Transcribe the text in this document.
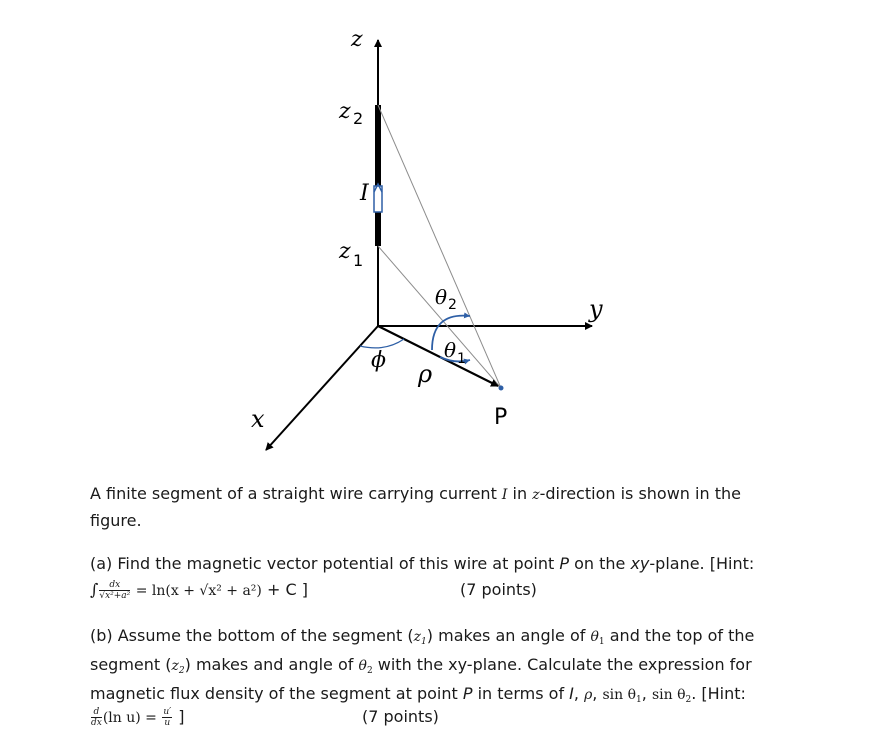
z
y
x
z 2
z 1
I
θ 2
θ 1
ϕ ρ
P
A finite segment of a straight wire carrying current I in z-direction is shown in the figure.
(a) Find the magnetic vector potential of this wire at point P on the xy-plane. [Hint:
∫ $\frac{dx}{\text{√x²+a²}} = \ln(x + √x^2 + a^2) + C$ ]	(7 points)
(b) Assume the bottom of the segment (z1) makes an angle of θ1 and the top of the segment (z2) makes and angle of θ2 with the xy-plane. Calculate the expression for magnetic flux density of the segment at point P in terms of I, ρ, sin θ1, sin θ2. [Hint:
$\frac{d}{dx} (\ln$ $u) = \frac{u'}{u}$ ]	(7 points)
